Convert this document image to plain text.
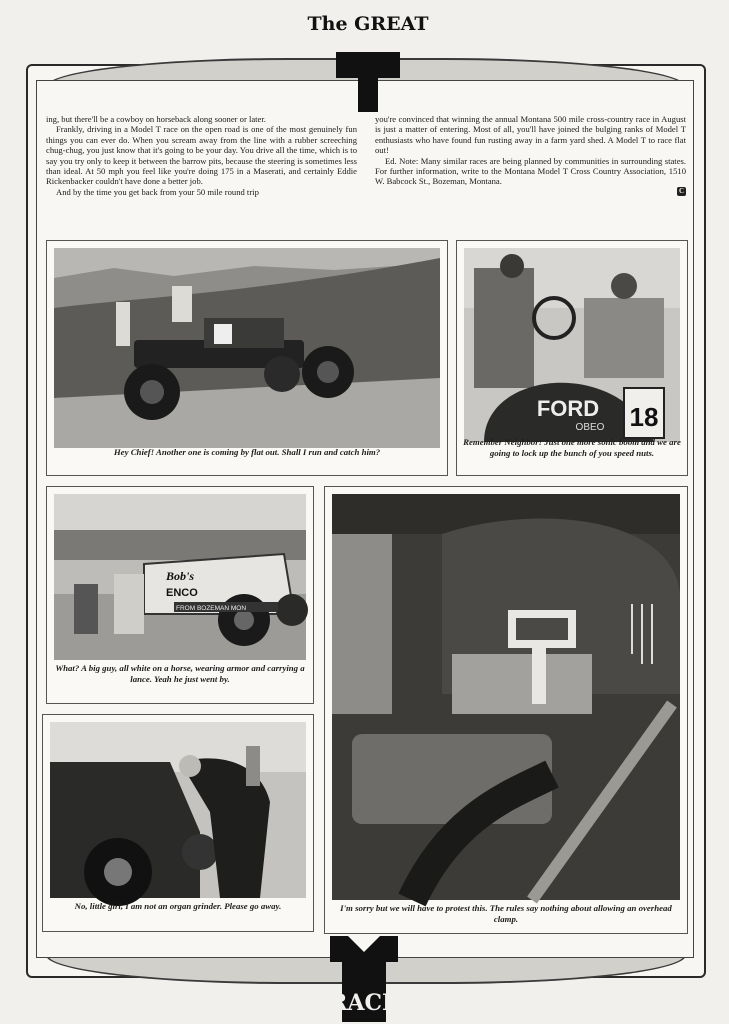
The GREAT

ing, but there'll be a cowboy on horseback along sooner or later.

Frankly, driving in a Model T race on the open road is one of the most genuinely fun things you can ever do. When you scream away from the line with a rubber screeching chug-chug, you just know that it's going to be your day. You drive all the time, which is to say you try only to keep it between the barrow pits, because the steering is sometimes less than ideal. At 50 mph you feel like you're doing 175 in a Maserati, and certainly Eddie Rickenbacker couldn't have done a better job.

And by the time you get back from your 50 mile round trip

you're convinced that winning the annual Montana 500 mile cross-country race in August is just a matter of entering. Most of all, you'll have joined the bulging ranks of Model T enthusiasts who have found fun rusting away in a farm yard shed. A Model T to race flat out!

Ed. Note: Many similar races are being planned by communities in surrounding states. For further information, write to the Montana Model T Cross Country Association, 1510 W. Babcock St., Bozeman, Montana.

C
Hey Chief! Another one is coming by flat out. Shall I run and catch him?
FORD
OBEO 18
Remember Neighbor! Just one more sonic boom and we are going to lock up the bunch of you speed nuts.
Bob's
ENCO
FROM BOZEMAN MON
What? A big guy, all white on a horse, wearing armor and carrying a lance. Yeah he just went by.
No, little girl, I am not an organ grinder. Please go away.	I'm sorry but we will have to protest this. The rules say nothing about allowing an overhead clamp.
RACE
